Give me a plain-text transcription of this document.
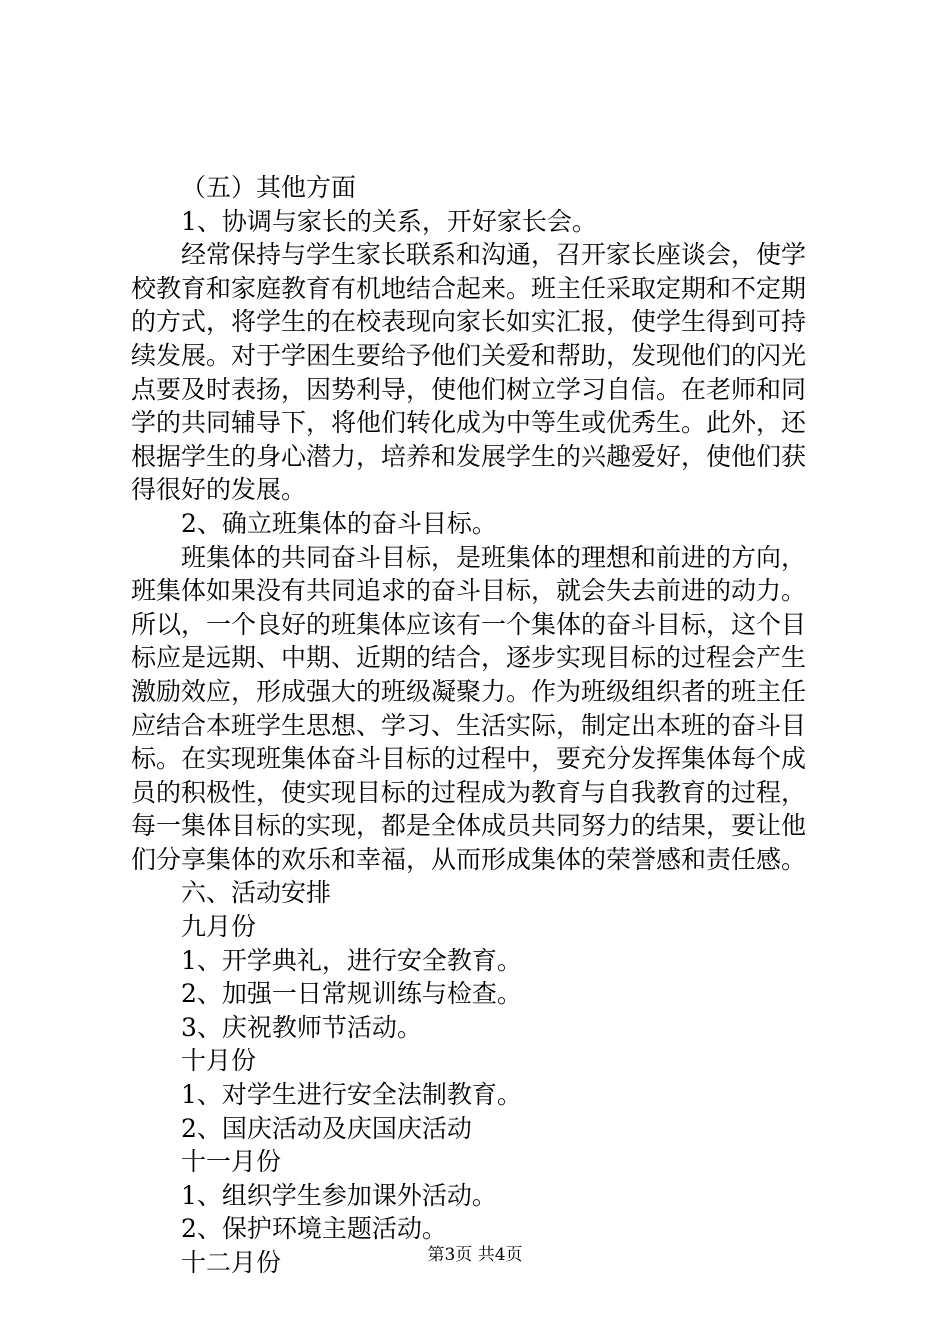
（五）其他方面
1、协调与家长的关系，开好家长会。
经常保持与学生家长联系和沟通，召开家长座谈会，使学
校教育和家庭教育有机地结合起来。班主任采取定期和不定期
的方式，将学生的在校表现向家长如实汇报，使学生得到可持
续发展。对于学困生要给予他们关爱和帮助，发现他们的闪光
点要及时表扬，因势利导，使他们树立学习自信。在老师和同
学的共同辅导下，将他们转化成为中等生或优秀生。此外，还
根据学生的身心潜力，培养和发展学生的兴趣爱好，使他们获
得很好的发展。
2、确立班集体的奋斗目标。
班集体的共同奋斗目标，是班集体的理想和前进的方向，
班集体如果没有共同追求的奋斗目标，就会失去前进的动力。
所以，一个良好的班集体应该有一个集体的奋斗目标，这个目
标应是远期、中期、近期的结合，逐步实现目标的过程会产生
激励效应，形成强大的班级凝聚力。作为班级组织者的班主任
应结合本班学生思想、学习、生活实际，制定出本班的奋斗目
标。在实现班集体奋斗目标的过程中，要充分发挥集体每个成
员的积极性，使实现目标的过程成为教育与自我教育的过程，
每一集体目标的实现，都是全体成员共同努力的结果，要让他
们分享集体的欢乐和幸福，从而形成集体的荣誉感和责任感。
六、活动安排
九月份
1、开学典礼，进行安全教育。
2、加强一日常规训练与检查。
3、庆祝教师节活动。
十月份
1、对学生进行安全法制教育。
2、国庆活动及庆国庆活动
十一月份
1、组织学生参加课外活动。
2、保护环境主题活动。
十二月份	第3页 共4页
